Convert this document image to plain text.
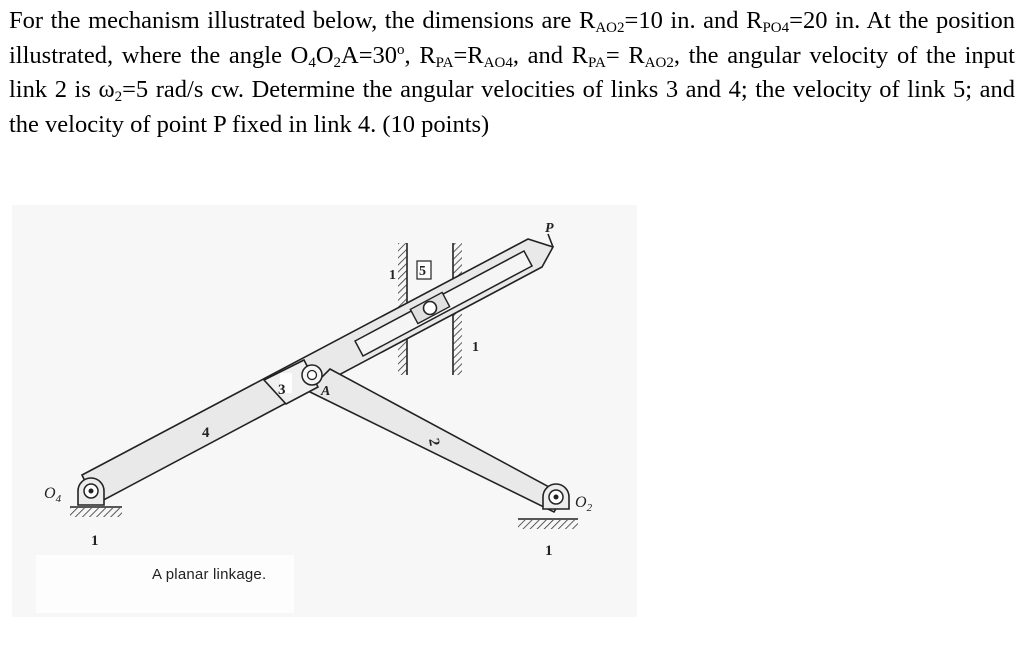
For the mechanism illustrated below, the dimensions are $R_{AO2}=10$ in. and $R_{PO4}=20$ in. At the position illustrated, where the angle $O_4O_2A=30^o$, $R_{PA}=R_{AO4}$, and $R_{PA}= R_{AO2}$, the angular velocity of the input link 2 is $\omega_2=5$ rad/s cw. Determine the angular velocities of links 3 and 4; the velocity of link 5; and the velocity of point P fixed in link 4. (10 points)
$O_4$	$O_2$
A
P
1
1
1
1
2
3
4
5
A planar linkage.
